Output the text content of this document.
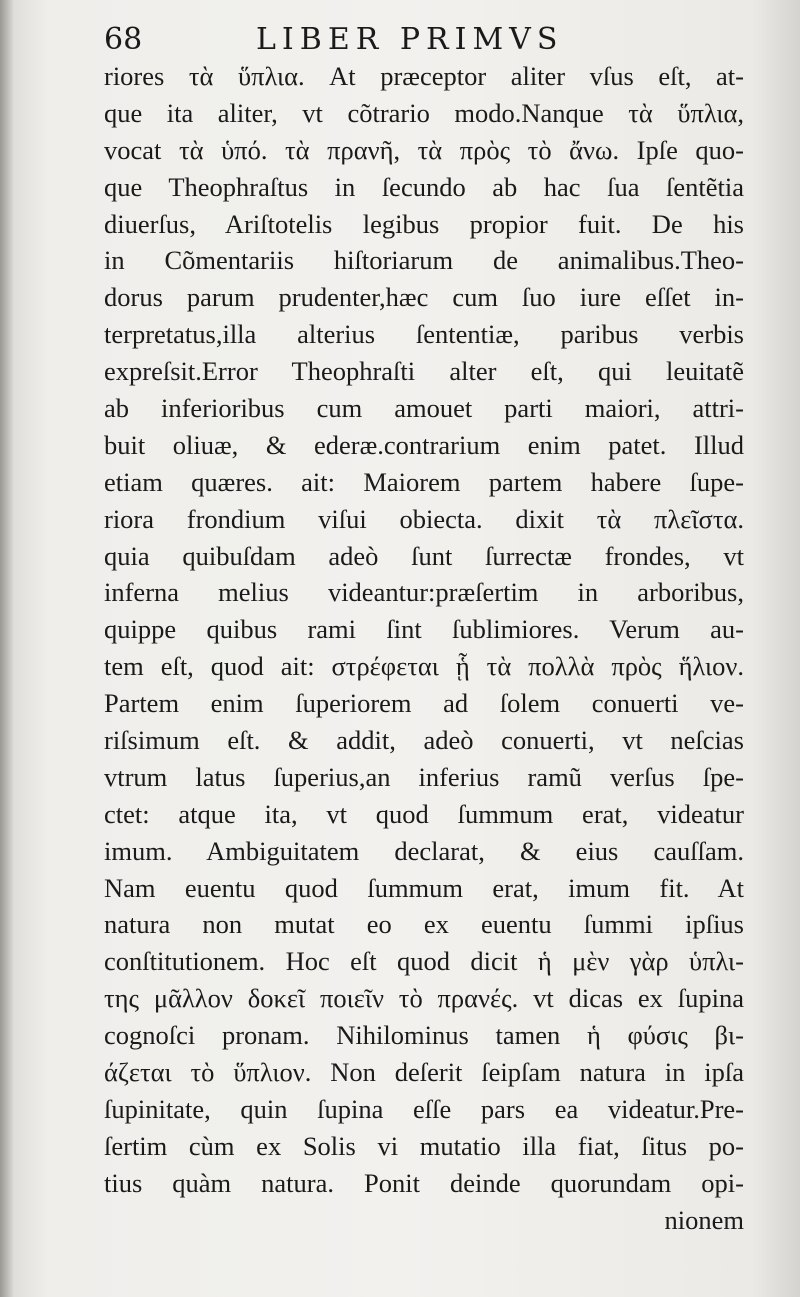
68	LIBER PRIMVS
riores τὰ ὕπλια. At præceptor aliter vſus eſt, at-
que ita aliter, vt cõtrario modo.Nanque τὰ ὕπλια,
vocat τὰ ὑπό. τὰ πρανῆ, τὰ πρὸς τὸ ἄνω. Ipſe quo-
que Theophraſtus in ſecundo ab hac ſua ſentẽtia
diuerſus, Ariſtotelis legibus propior fuit. De his
in Cõmentariis hiſtoriarum de animalibus.Theo-
dorus parum prudenter,hæc cum ſuo iure eſſet in-
terpretatus,illa alterius ſententiæ, paribus verbis
expreſsit.Error Theophraſti alter eſt, qui leuitatẽ
ab inferioribus cum amouet parti maiori, attri-
buit oliuæ, & ederæ.contrarium enim patet. Illud
etiam quæres. ait: Maiorem partem habere ſupe-
riora frondium viſui obiecta. dixit τὰ πλεῖστα.
quia quibuſdam adeò ſunt ſurrectæ frondes, vt
inferna melius videantur:præſertim in arboribus,
quippe quibus rami ſint ſublimiores. Verum au-
tem eſt, quod ait: στρέφεται ᾗ τὰ πολλὰ πρὸς ἥλιον.
Partem enim ſuperiorem ad ſolem conuerti ve-
riſsimum eſt. & addit, adeò conuerti, vt neſcias
vtrum latus ſuperius,an inferius ramũ verſus ſpe-
ctet: atque ita, vt quod ſummum erat, videatur
imum. Ambiguitatem declarat, & eius cauſſam.
Nam euentu quod ſummum erat, imum fit. At
natura non mutat eo ex euentu ſummi ipſius
conſtitutionem. Hoc eſt quod dicit ἡ μὲν γὰρ ὑπλι-
της μᾶλλον δοκεῖ ποιεῖν τὸ πρανές. vt dicas ex ſupina
cognoſci pronam. Nihilominus tamen ἡ φύσις βι-
άζεται τὸ ὕπλιον. Non deſerit ſeipſam natura in ipſa
ſupinitate, quin ſupina eſſe pars ea videatur.Pre-
ſertim cùm ex Solis vi mutatio illa fiat, ſitus po-
tius quàm natura. Ponit deinde quorundam opi-
nionem
